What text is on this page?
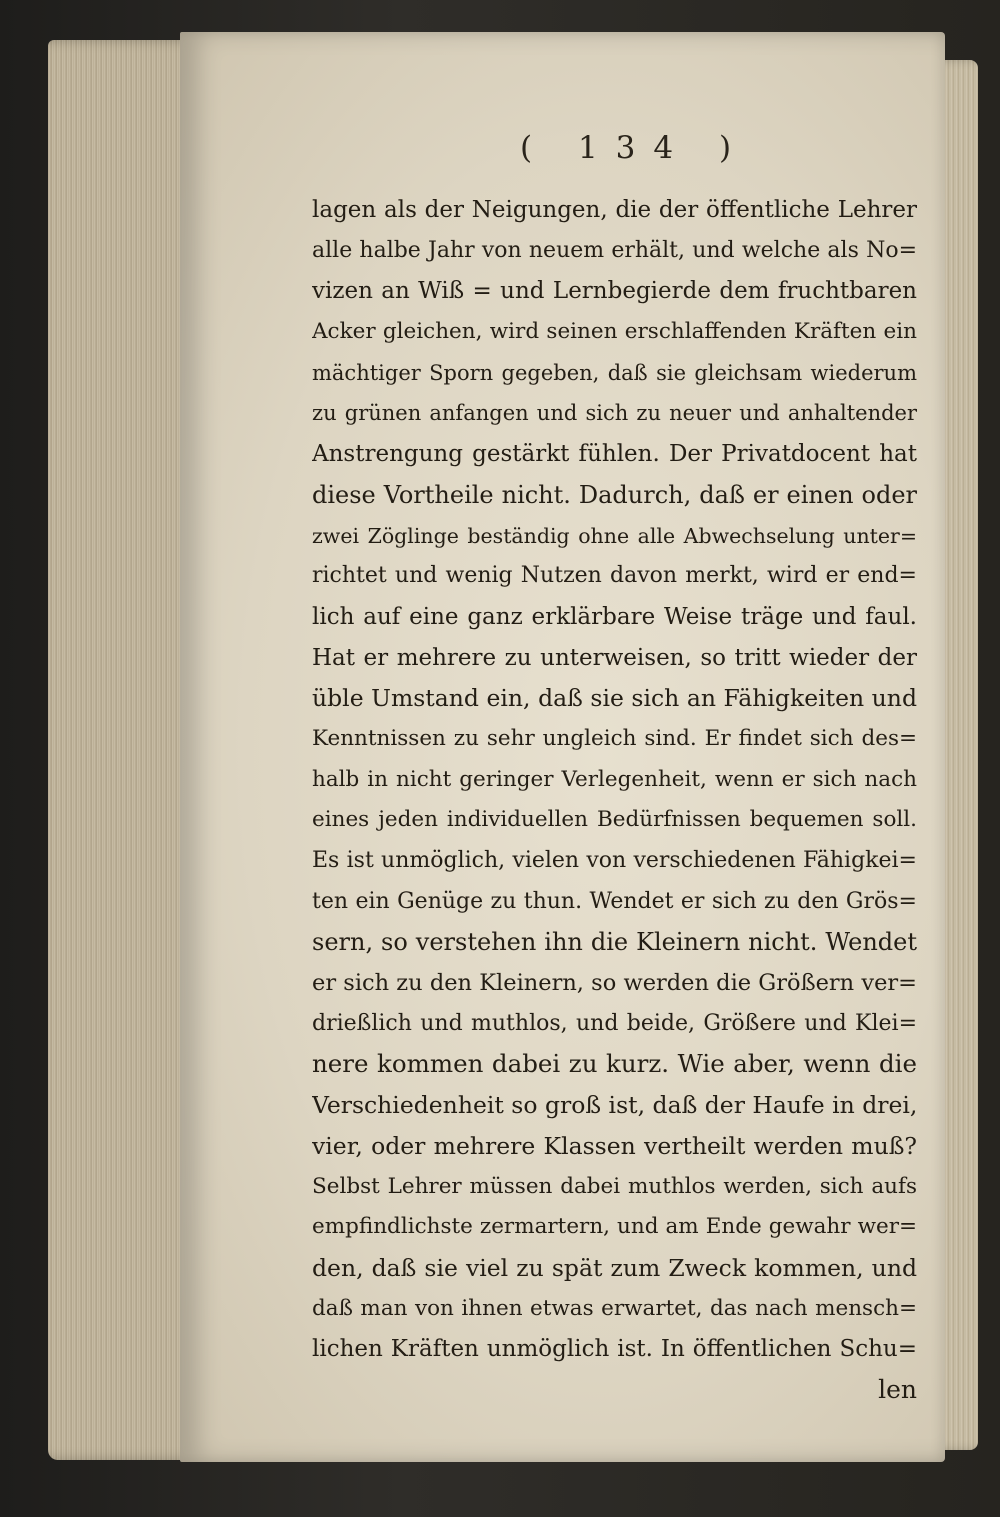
( 134 )
lagen als der Neigungen, die der öffentliche Lehrer
alle halbe Jahr von neuem erhält, und welche als No=
vizen an Wiß = und Lernbegierde dem fruchtbaren
Acker gleichen, wird seinen erschlaffenden Kräften ein
mächtiger Sporn gegeben, daß sie gleichsam wiederum
zu grünen anfangen und sich zu neuer und anhaltender
Anstrengung gestärkt fühlen. Der Privatdocent hat
diese Vortheile nicht. Dadurch, daß er einen oder
zwei Zöglinge beständig ohne alle Abwechselung unter=
richtet und wenig Nutzen davon merkt, wird er end=
lich auf eine ganz erklärbare Weise träge und faul.
Hat er mehrere zu unterweisen, so tritt wieder der
üble Umstand ein, daß sie sich an Fähigkeiten und
Kenntnissen zu sehr ungleich sind. Er findet sich des=
halb in nicht geringer Verlegenheit, wenn er sich nach
eines jeden individuellen Bedürfnissen bequemen soll.
Es ist unmöglich, vielen von verschiedenen Fähigkei=
ten ein Genüge zu thun. Wendet er sich zu den Grös=
sern, so verstehen ihn die Kleinern nicht. Wendet
er sich zu den Kleinern, so werden die Größern ver=
drießlich und muthlos, und beide, Größere und Klei=
nere kommen dabei zu kurz. Wie aber, wenn die
Verschiedenheit so groß ist, daß der Haufe in drei,
vier, oder mehrere Klassen vertheilt werden muß?
Selbst Lehrer müssen dabei muthlos werden, sich aufs
empfindlichste zermartern, und am Ende gewahr wer=
den, daß sie viel zu spät zum Zweck kommen, und
daß man von ihnen etwas erwartet, das nach mensch=
lichen Kräften unmöglich ist. In öffentlichen Schu=
len
